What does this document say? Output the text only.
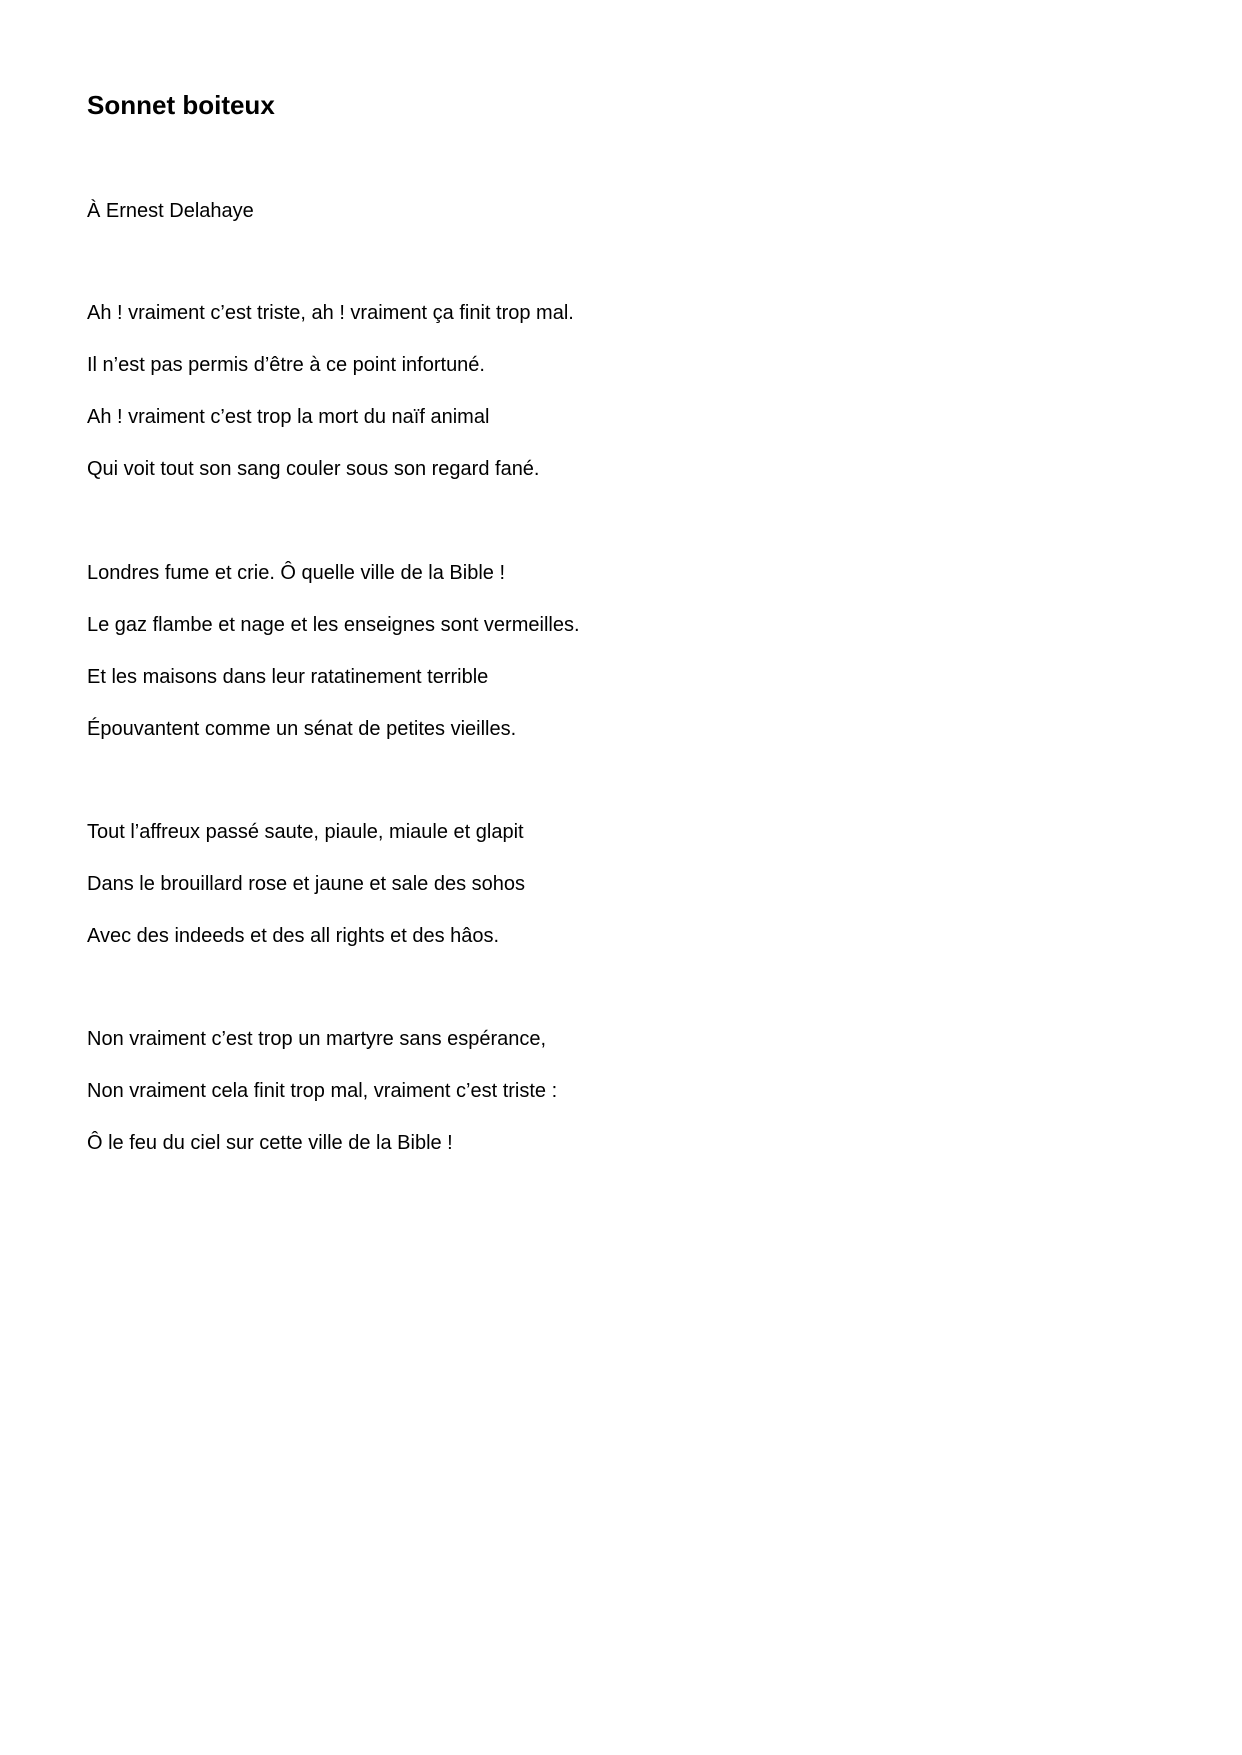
Sonnet boiteux

À Ernest Delahaye

Ah ! vraiment c’est triste, ah ! vraiment ça finit trop mal.
Il n’est pas permis d’être à ce point infortuné.
Ah ! vraiment c’est trop la mort du naïf animal
Qui voit tout son sang couler sous son regard fané.
Londres fume et crie. Ô quelle ville de la Bible !
Le gaz flambe et nage et les enseignes sont vermeilles.
Et les maisons dans leur ratatinement terrible
Épouvantent comme un sénat de petites vieilles.
Tout l’affreux passé saute, piaule, miaule et glapit
Dans le brouillard rose et jaune et sale des sohos
Avec des indeeds et des all rights et des hâos.
Non vraiment c’est trop un martyre sans espérance,
Non vraiment cela finit trop mal, vraiment c’est triste :
Ô le feu du ciel sur cette ville de la Bible !
